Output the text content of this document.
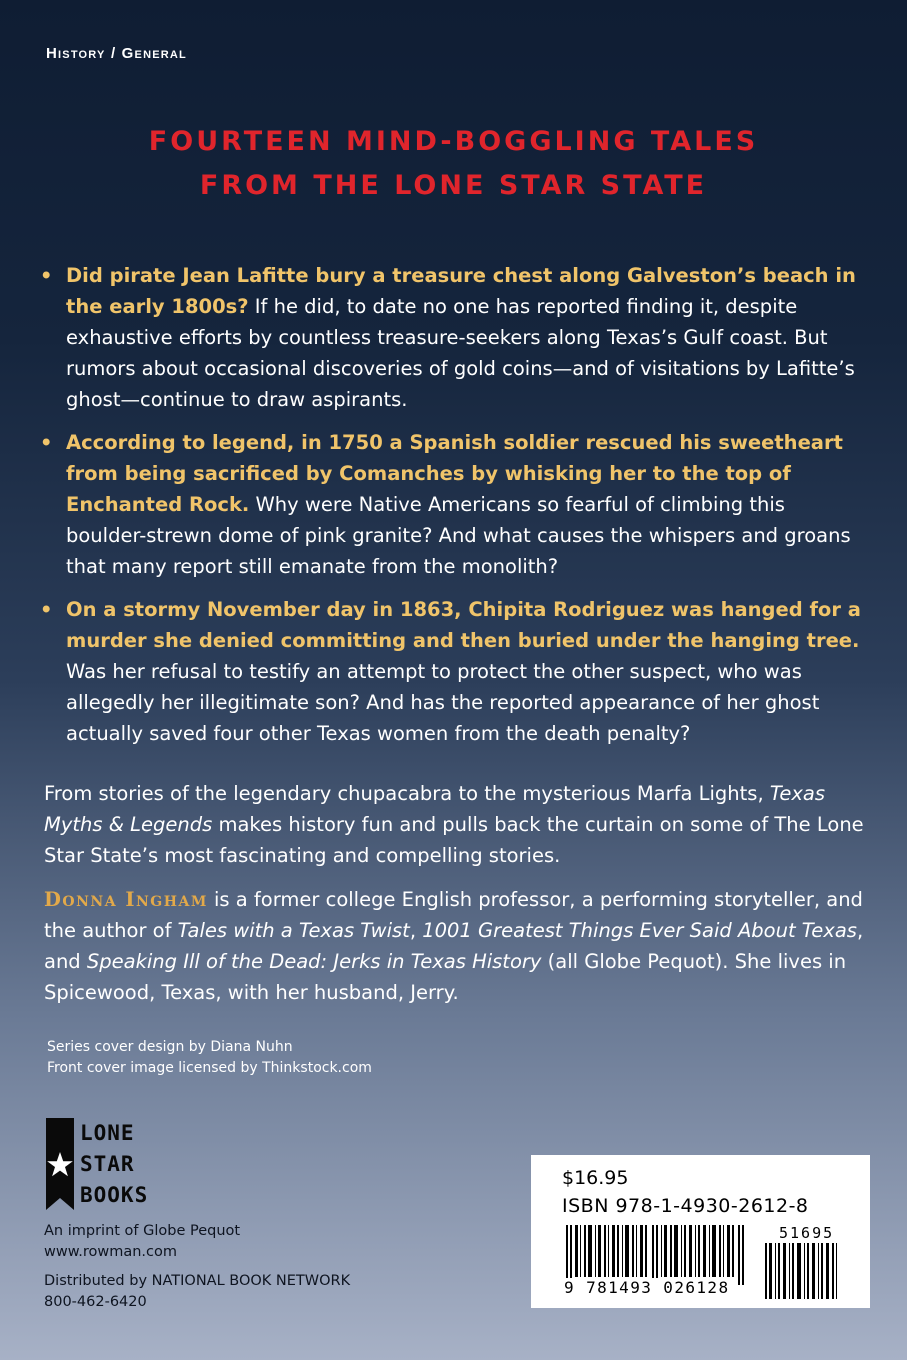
History / General
FOURTEEN MIND-BOGGLING TALES
FROM THE LONE STAR STATE
• Did pirate Jean Lafitte bury a treasure chest along Galveston’s beach in the early 1800s? If he did, to date no one has reported finding it, despite exhaustive efforts by countless treasure-seekers along Texas’s Gulf coast. But rumors about occasional discoveries of gold coins—and of visitations by Lafitte’s ghost—continue to draw aspirants.
• According to legend, in 1750 a Spanish soldier rescued his sweetheart from being sacrificed by Comanches by whisking her to the top of Enchanted Rock. Why were Native Americans so fearful of climbing this boulder-strewn dome of pink granite? And what causes the whispers and groans that many report still emanate from the monolith?
• On a stormy November day in 1863, Chipita Rodriguez was hanged for a murder she denied committing and then buried under the hanging tree. Was her refusal to testify an attempt to protect the other suspect, who was allegedly her illegitimate son? And has the reported appearance of her ghost actually saved four other Texas women from the death penalty?
From stories of the legendary chupacabra to the mysterious Marfa Lights, Texas Myths & Legends makes history fun and pulls back the curtain on some of The Lone Star State’s most fascinating and compelling stories.
Donna Ingham is a former college English professor, a performing storyteller, and the author of Tales with a Texas Twist, 1001 Greatest Things Ever Said About Texas, and Speaking Ill of the Dead: Jerks in Texas History (all Globe Pequot). She lives in Spicewood, Texas, with her husband, Jerry.
Series cover design by Diana Nuhn
Front cover image licensed by Thinkstock.com
LONE
STAR
BOOKS
An imprint of Globe Pequot
www.rowman.com
Distributed by NATIONAL BOOK NETWORK
800-462-6420
$16.95
ISBN 978-1-4930-2612-8
51695
9 781493 026128
